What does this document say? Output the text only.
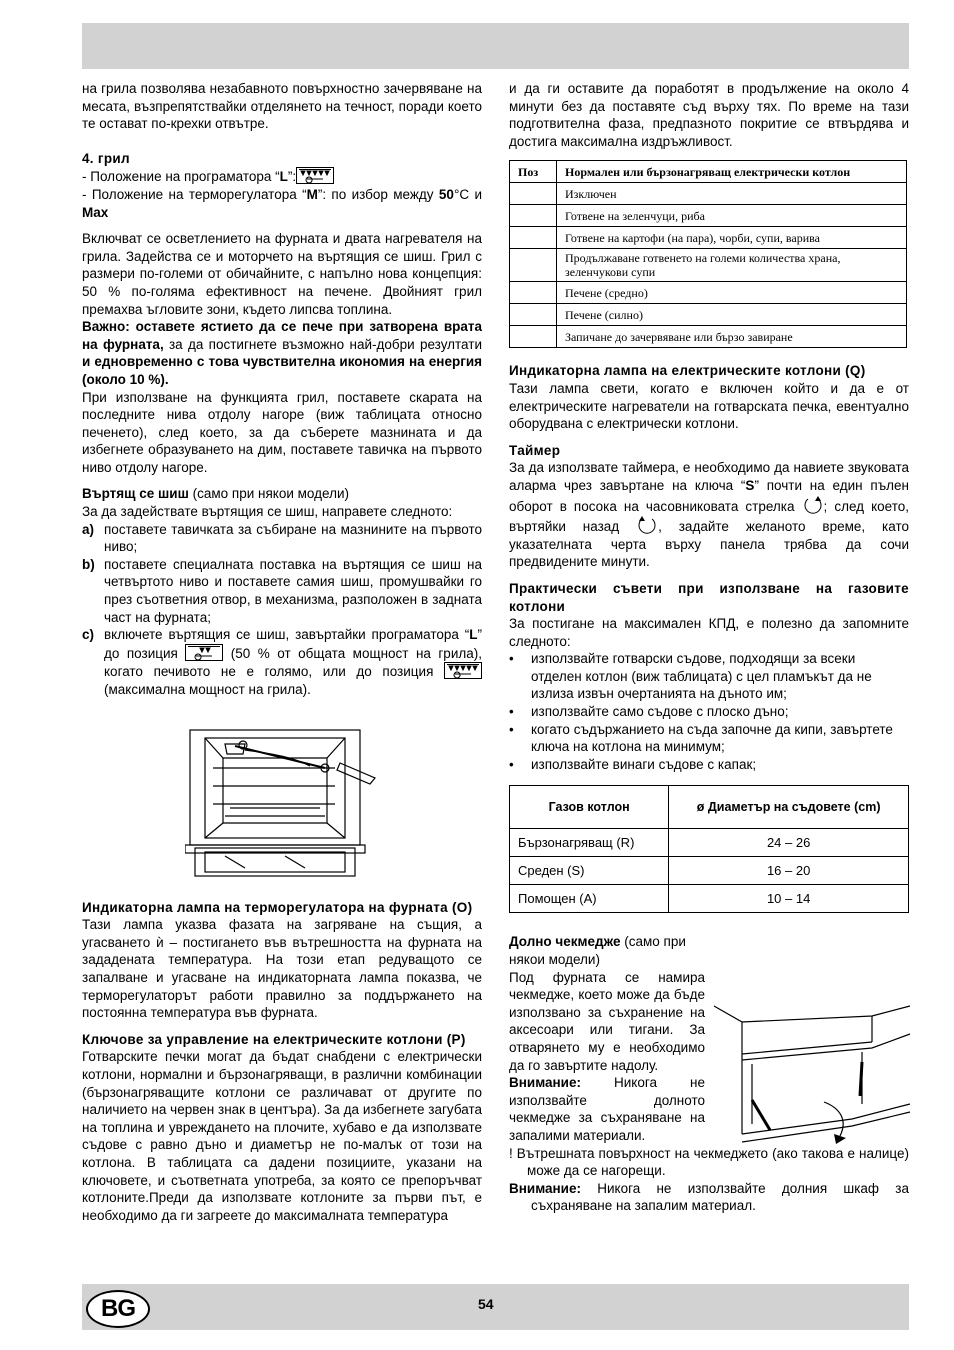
на грила позволява незабавното повърхностно зачервяване на месата, възпрепятствайки отделянето на течност, поради което те остават по-крехки отвътре.

4. грил

- Положение на програматора “L”:

- Положение на терморегулатора “M”: по избор между 50°C и Max

Включват се осветлението на фурната и двата нагревателя на грила. Задейства се и моторчето на въртящия се шиш. Грил с размери по-големи от обичайните, с напълно нова концепция: 50 % по-голяма ефективност на печене. Двойният грил премахва ъгловите зони, където липсва топлина.

Важно: оставете ястието да се пече при затворена врата на фурната, за да постигнете възможно най-добри резултати и едновременно с това чувствителна икономия на енергия (около 10 %).

При използване на функцията грил, поставете скарата на последните нива отдолу нагоре (виж таблицата относно печенето), след което, за да съберете мазнината и да избегнете образуването на дим, поставете тавичка на първото ниво отдолу нагоре.

Въртящ се шиш (само при някои модели)

За да задействате въртящия се шиш, направете следното:

a) поставете тавичката за събиране на мазнините на първото ниво;
b) поставете специалната поставка на въртящия се шиш на четвъртото ниво и поставете самия шиш, промушвайки го през съответния отвор, в механизма, разположен в задната част на фурната;
c) включете въртящия се шиш, завъртайки програматора “L” до позиция	(50 % от общата мощност на грила), когато печивото не е голямо, или до позиция
(максимална мощност на грила).

Индикаторна лампа на терморегулатора на фурната (O)

Тази лампа указва фазата на загряване на същия, а угасването ѝ – постигането във вътрешността на фурната на зададената температура. На този етап редуващото се запалване и угасване на индикаторната лампа показва, че терморегулаторът работи правилно за поддържането на постоянна температура във фурната.

Ключове за управление на електрическите котлони (P)

Готварските печки могат да бъдат снабдени с електрически котлони, нормални и бързонагряващи, в различни комбинации (бързонагряващите котлони се различават от другите по наличието на червен знак в центъра). За да избегнете загубата на топлина и увреждането на плочите, хубаво е да използвате съдове с равно дъно и диаметър не по-малък от този на котлона. В таблицата са дадени позициите, указани на ключовете, и съответната употреба, за която се препоръчват котлоните.Преди да използвате котлоните за първи път, е необходимо да ги загреете до максималната температура

и да ги оставите да поработят в продължение на около 4 минути без да поставяте съд върху тях. По време на тази подготвителна фаза, предпазното покритие се втвърдява и достига максимална издръжливост.

Поз	Нормален или бързонагряващ електрически котлон
	Изключен
	Готвене на зеленчуци, риба
	Готвене на картофи (на пара), чорби, супи, варива
	Продължаване готвенето на големи количества храна, зеленчукови супи
	Печене (средно)
	Печене (силно)
	Запичане до зачервяване или бързо завиране

Индикаторна лампа на електрическите котлони (Q)

Тази лампа свети, когато е включен който и да е от електрическите нагреватели на готварската печка, евентуално оборудвана с електрически котлони.

Таймер

За да използвате таймера, е необходимо да навиете звуковата аларма чрез завъртане на ключа “S” почти на един пълен оборот в посока на часовниковата стрелка ; след което, въртяйки назад , задайте желаното време, като указателната черта върху панела трябва да сочи предвидените минути.

Практически съвети при използване на газовите котлони

За постигане на максимален КПД, е полезно да запомните следното:

•	използвайте готварски съдове, подходящи за всеки отделен котлон (виж таблицата) с цел пламъкът да не излиза извън очертанията на дъното им;
•	използвайте само съдове с плоско дъно;
•	когато съдържанието на съда започне да кипи, завъртете ключа на котлона на минимум;
•	използвайте винаги съдове с капак;
Газов котлон	ø Диаметър на съдовете (cm)
Бързонагряващ (R)	24 – 26
Среден (S)	16 – 20
Помощен (A)	10 – 14

Долно чекмедже (само при някои модели)

Под фурната се намира чекмедже, което може да бъде използвано за съхранение на аксесоари или тигани. За отварянето му е необходимо да го завъртите надолу.

Внимание: Никога не използвайте долното чекмедже за съхраняване на запалими материали.

! Вътрешната повърхност на чекмеджето (ако такова е налице) може да се нагорещи.

Внимание: Никога не използвайте долния шкаф за съхраняване на запалим материал.

BG	54
